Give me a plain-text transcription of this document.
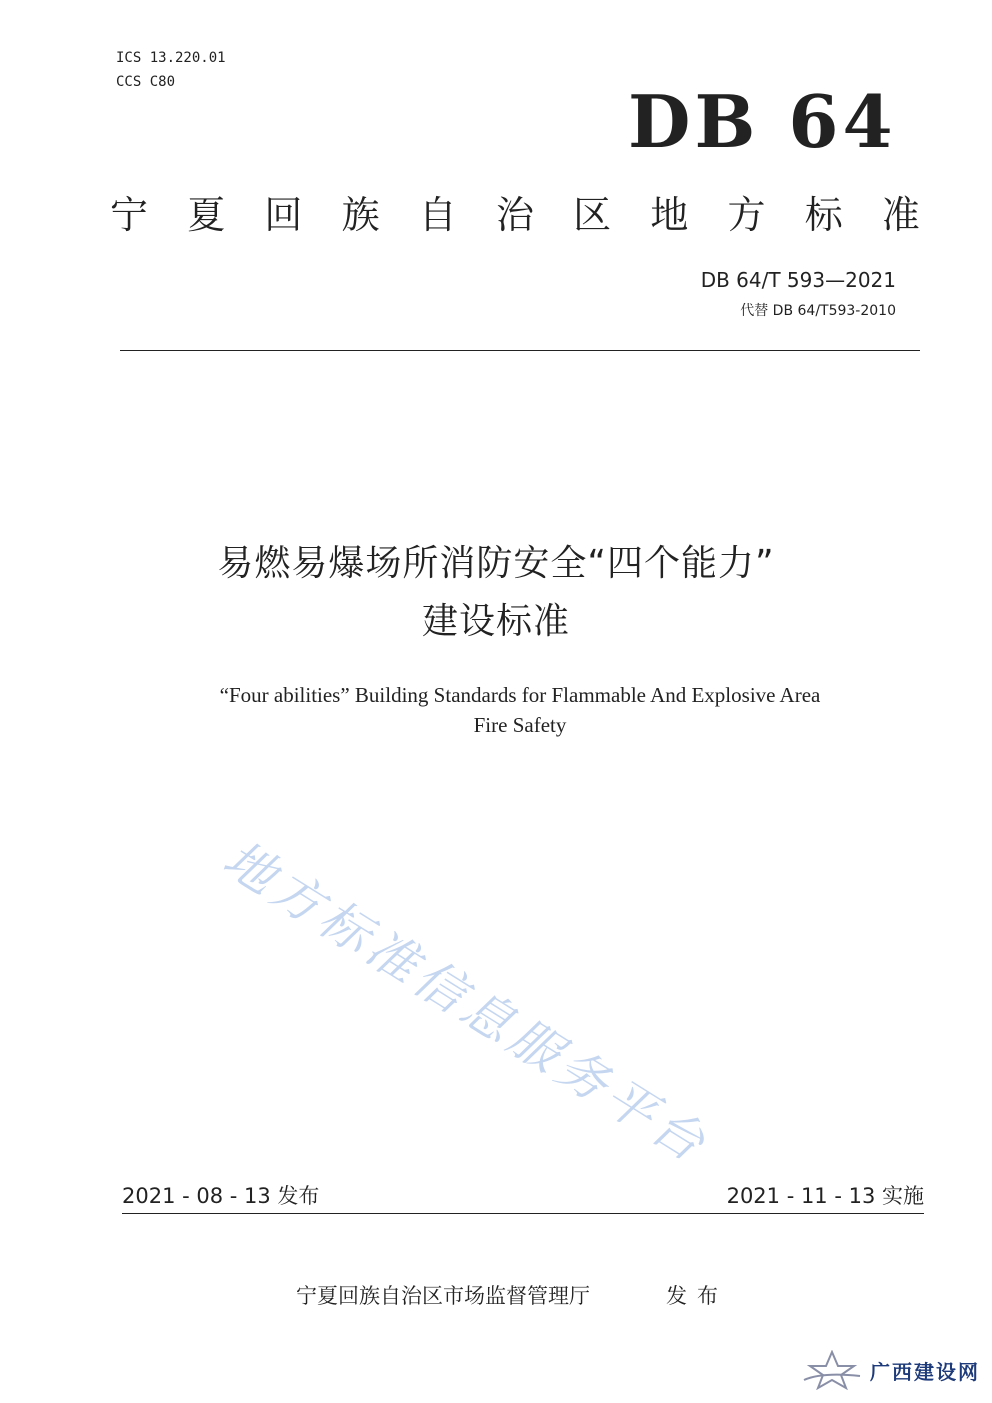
ICS 13.220.01
CCS C80	DB 64
宁 夏 回 族 自 治 区 地 方 标 准
DB 64/T 593—2021
代替 DB 64/T593-2010
易燃易爆场所消防安全“四个能力”
建设标准
“Four abilities” Building Standards for Flammable And Explosive Area
Fire Safety
地方标准信息服务平台
2021 - 08 - 13 发布	2021 - 11 - 13 实施
宁夏回族自治区市场监督管理厅	发布
广西建设网
